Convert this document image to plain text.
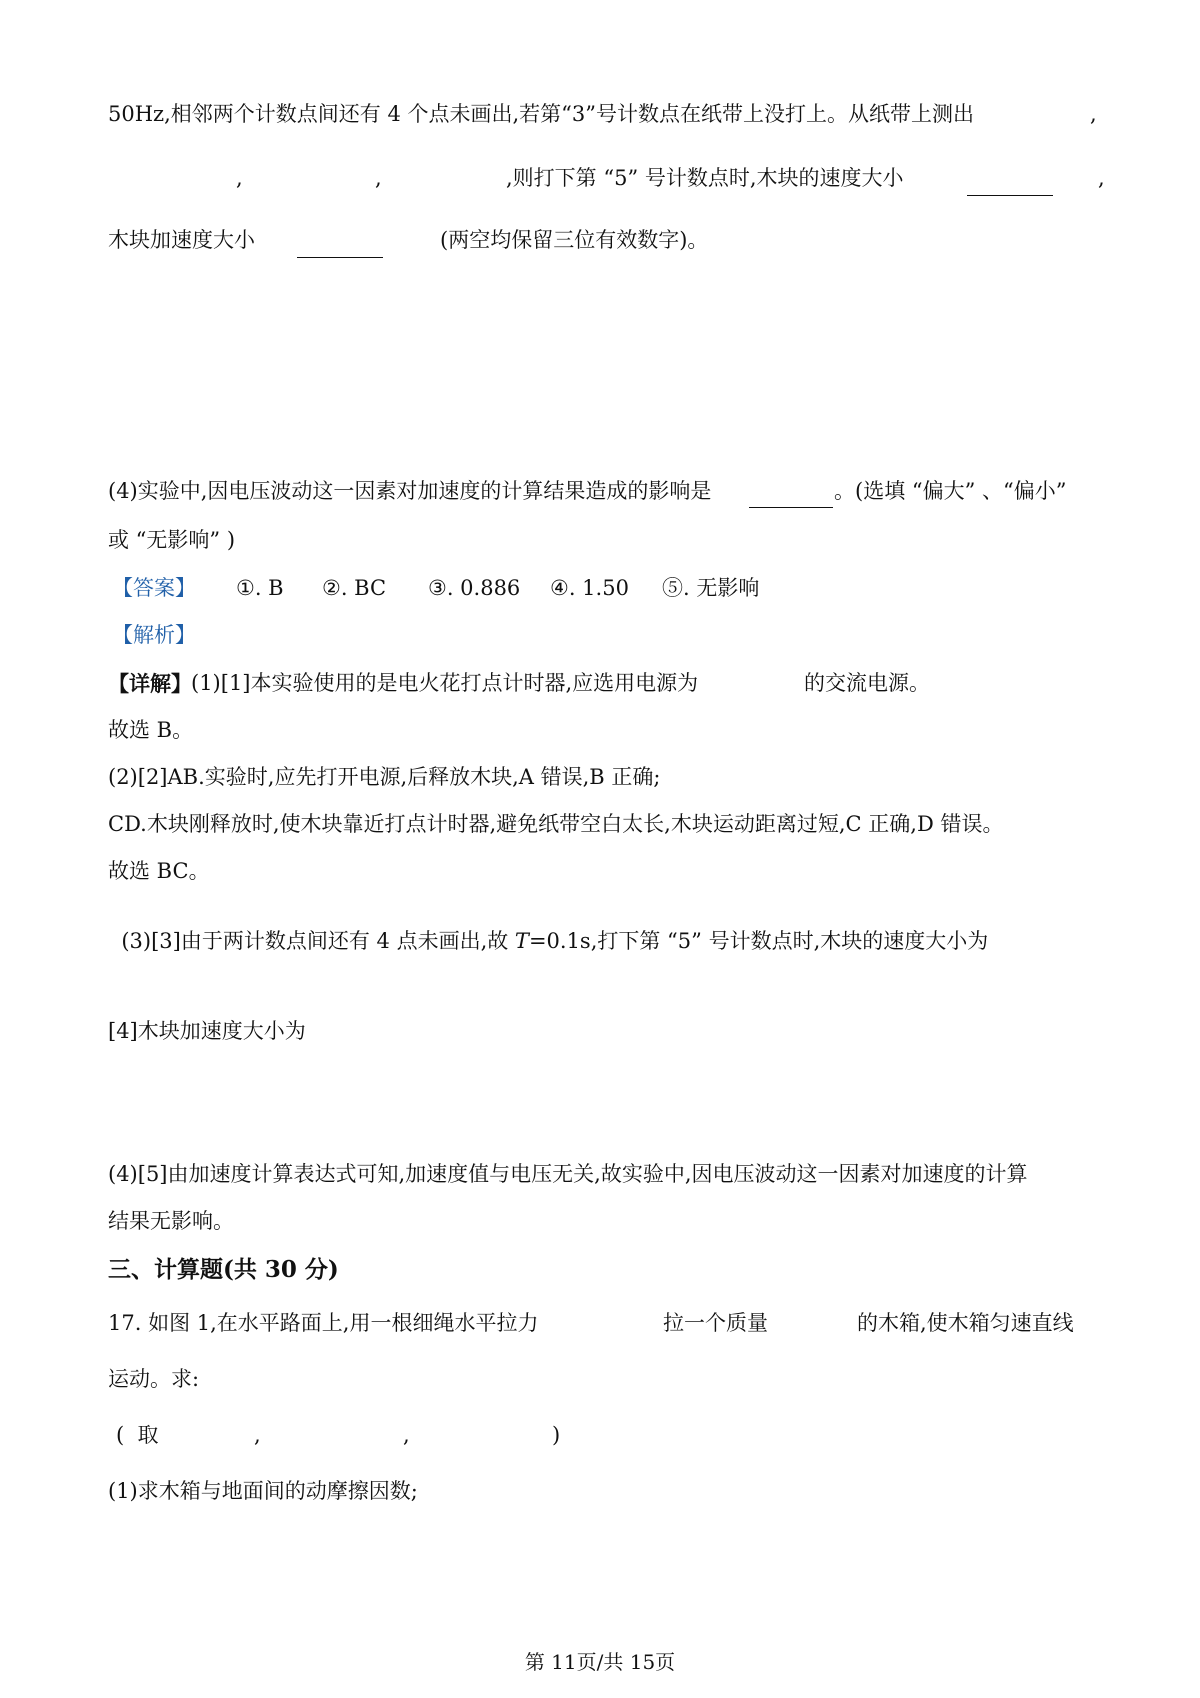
50Hz,相邻两个计数点间还有 4 个点未画出,若第“3”号计数点在纸带上没打上。从纸带上测出	,
,	,	,则打下第 “5” 号计数点时,木块的速度大小	,
木块加速度大小	(两空均保留三位有效数字)。
(4)实验中,因电压波动这一因素对加速度的计算结果造成的影响是	。(选填 “偏大” 、“偏小”
或 “无影响” )
【答案】 ①. B ②. BC ③. 0.886 ④. 1.50 ⑤. 无影响
【解析】
【详解】 (1)[1]本实验使用的是电火花打点计时器,应选用电源为	的交流电源。
故选 B。
(2)[2]AB.实验时,应先打开电源,后释放木块,A 错误,B 正确;
CD.木块刚释放时,使木块靠近打点计时器,避免纸带空白太长,木块运动距离过短,C 正确,D 错误。
故选 BC。

(3)[3]由于两计数点间还有 4 点未画出,故 T=0.1s,打下第 “5” 号计数点时,木块的速度大小为

[4]木块加速度大小为
(4)[5]由加速度计算表达式可知,加速度值与电压无关,故实验中,因电压波动这一因素对加速度的计算
结果无影响。
三、计算题(共 30 分)
17. 如图 1,在水平路面上,用一根细绳水平拉力	拉一个质量	的木箱,使木箱匀速直线
运动。求:
(  取	,	,	)
(1)求木箱与地面间的动摩擦因数;
第 11页/共 15页
